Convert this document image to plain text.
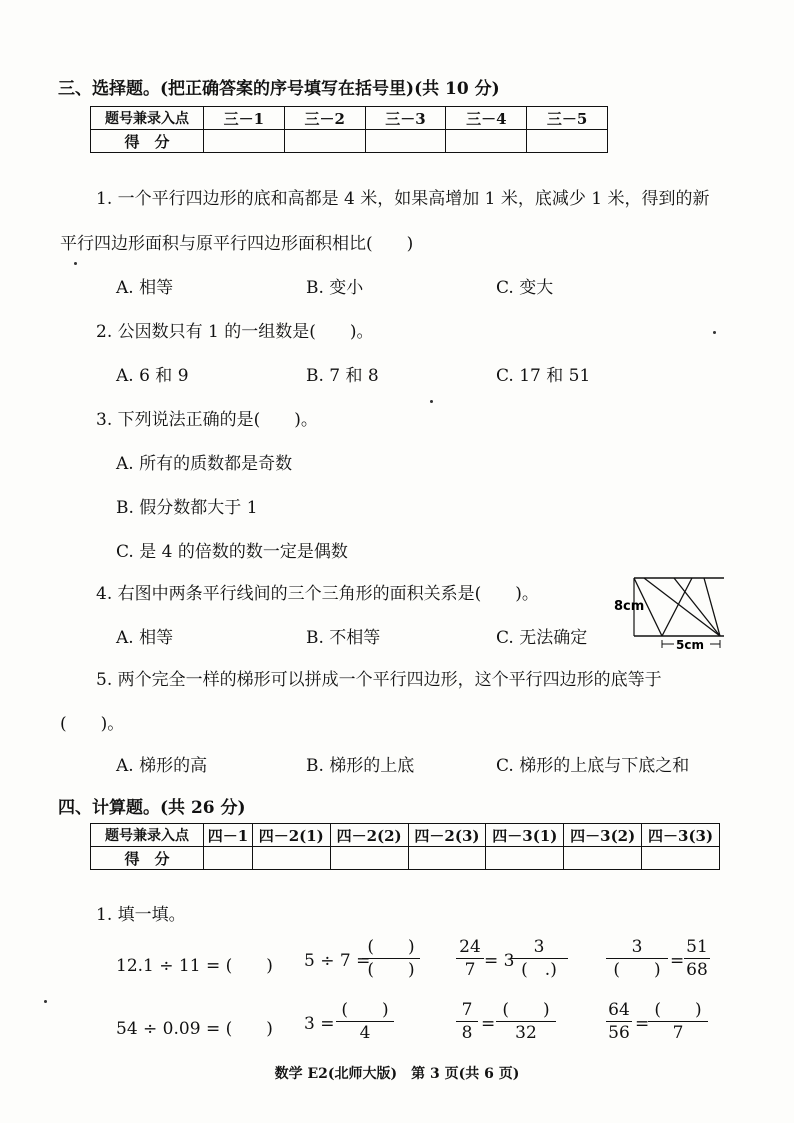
三、选择题。(把正确答案的序号填写在括号里)(共 10 分)
题号兼录入点	三－1	三－2	三－3	三－4	三－5
得　分					
1. 一个平行四边形的底和高都是 4 米，如果高增加 1 米，底减少 1 米，得到的新
平行四边形面积与原平行四边形面积相比(　　)
A. 相等	B. 变小	C. 变大
2. 公因数只有 1 的一组数是(　　)。
A. 6 和 9	B. 7 和 8	C. 17 和 51
3. 下列说法正确的是(　　)。
A. 所有的质数都是奇数
B. 假分数都大于 1
C. 是 4 的倍数的数一定是偶数
4. 右图中两条平行线间的三个三角形的面积关系是(　　)。
A. 相等	B. 不相等	C. 无法确定
8cm
5cm
5. 两个完全一样的梯形可以拼成一个平行四边形，这个平行四边形的底等于
(　　)。
A. 梯形的高	B. 梯形的上底	C. 梯形的上底与下底之和
四、计算题。(共 26 分)
题号兼录入点	四－1	四－2(1)	四－2(2)	四－2(3)	四－3(1)	四－3(2)	四－3(3)
得　分							
1. 填一填。
12.1 ÷ 11 = (　　) 5 ÷ 7 =
(　　)
(　　)
24
7 = 3
3
(　.)
3
(　　) =
51
68
54 ÷ 0.09 = (　　) 3 =
(　　)
4
7
8 =
(　　)
32
64
56 =
(　　)
7
数学 E2(北师大版)　第 3 页(共 6 页)
